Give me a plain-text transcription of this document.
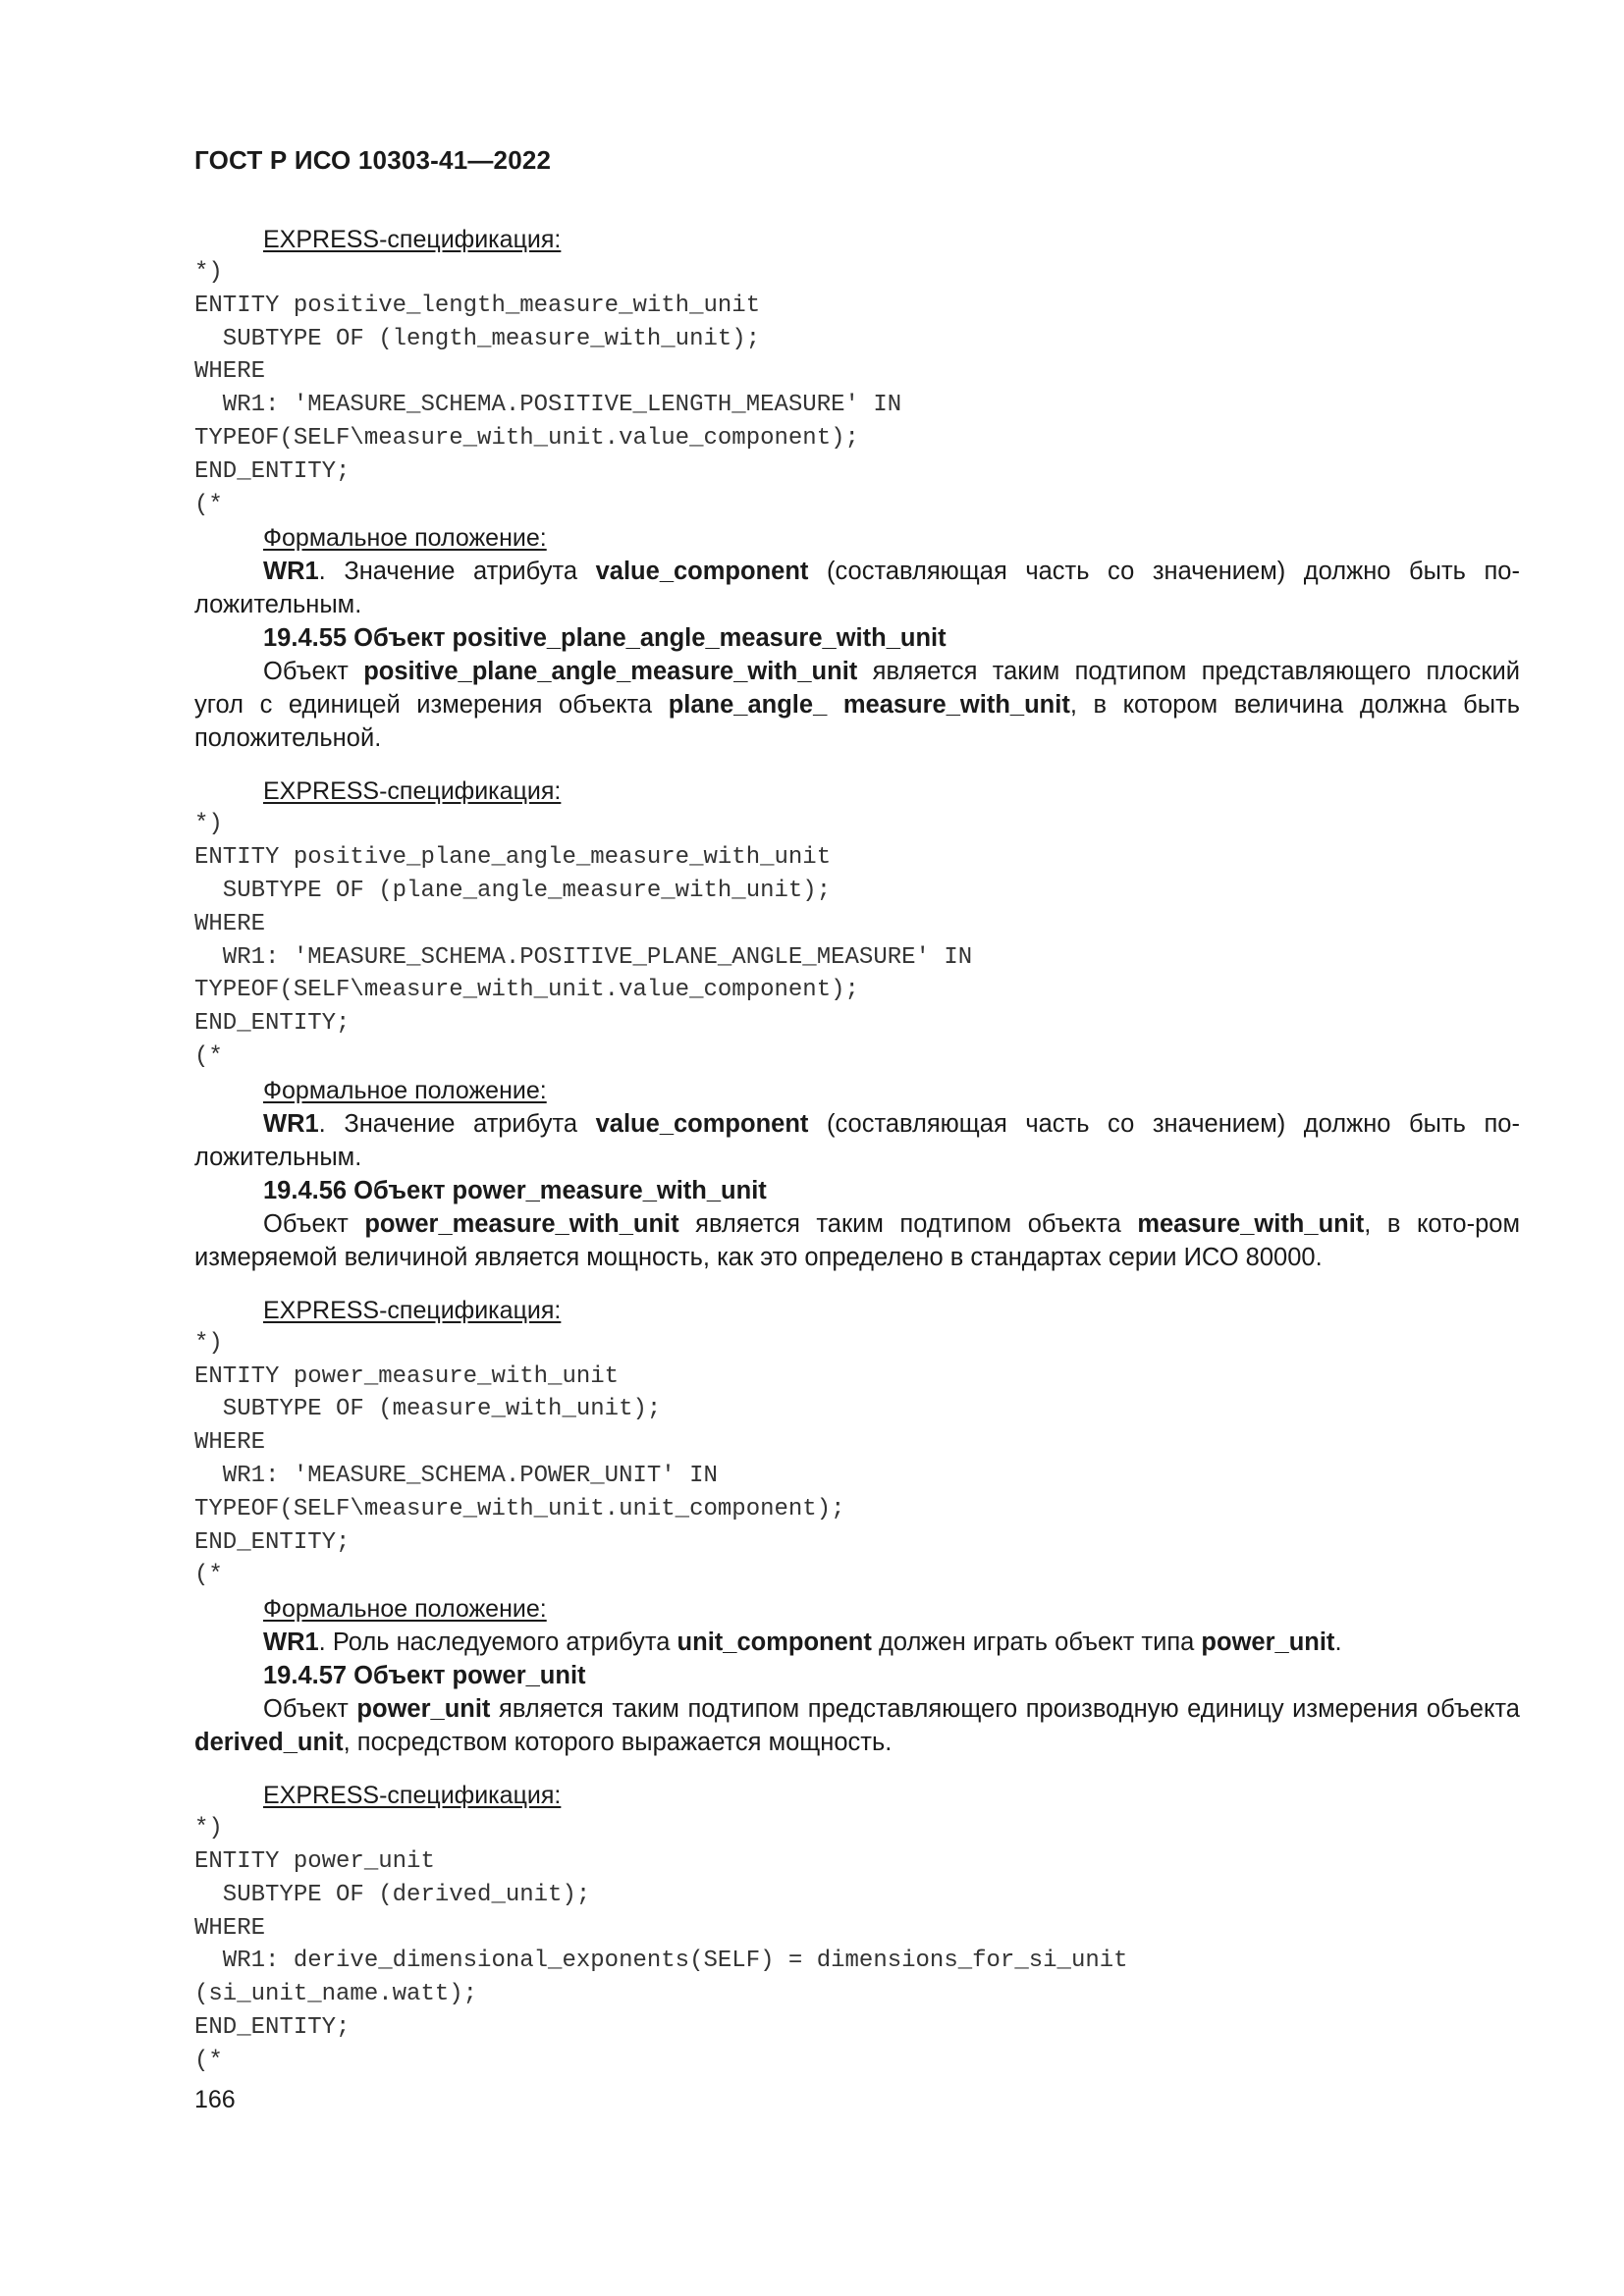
ГОСТ Р ИСО 10303-41—2022
EXPRESS-спецификация:
*)
ENTITY positive_length_measure_with_unit
SUBTYPE OF (length_measure_with_unit);
WHERE
WR1: 'MEASURE_SCHEMA.POSITIVE_LENGTH_MEASURE' IN
TYPEOF(SELF\measure_with_unit.value_component);
END_ENTITY;
(*
Формальное положение:
WR1. Значение атрибута value_component (составляющая часть со значением) должно быть по-ложительным.
19.4.55 Объект positive_plane_angle_measure_with_unit
Объект positive_plane_angle_measure_with_unit является таким подтипом представляющего плоский угол с единицей измерения объекта plane_angle_ measure_with_unit, в котором величина должна быть положительной.
EXPRESS-спецификация:
*)
ENTITY positive_plane_angle_measure_with_unit
SUBTYPE OF (plane_angle_measure_with_unit);
WHERE
WR1: 'MEASURE_SCHEMA.POSITIVE_PLANE_ANGLE_MEASURE' IN
TYPEOF(SELF\measure_with_unit.value_component);
END_ENTITY;
(*
Формальное положение:
WR1. Значение атрибута value_component (составляющая часть со значением) должно быть по-ложительным.
19.4.56 Объект power_measure_with_unit
Объект power_measure_with_unit является таким подтипом объекта measure_with_unit, в кото-ром измеряемой величиной является мощность, как это определено в стандартах серии ИСО 80000.
EXPRESS-спецификация:
*)
ENTITY power_measure_with_unit
SUBTYPE OF (measure_with_unit);
WHERE
WR1: 'MEASURE_SCHEMA.POWER_UNIT' IN
TYPEOF(SELF\measure_with_unit.unit_component);
END_ENTITY;
(*
Формальное положение:
WR1. Роль наследуемого атрибута unit_component должен играть объект типа power_unit.
19.4.57 Объект power_unit
Объект power_unit является таким подтипом представляющего производную единицу измерения объекта derived_unit, посредством которого выражается мощность.
EXPRESS-спецификация:
*)
ENTITY power_unit
SUBTYPE OF (derived_unit);
WHERE
WR1: derive_dimensional_exponents(SELF) = dimensions_for_si_unit
(si_unit_name.watt);
END_ENTITY;
(*
166
